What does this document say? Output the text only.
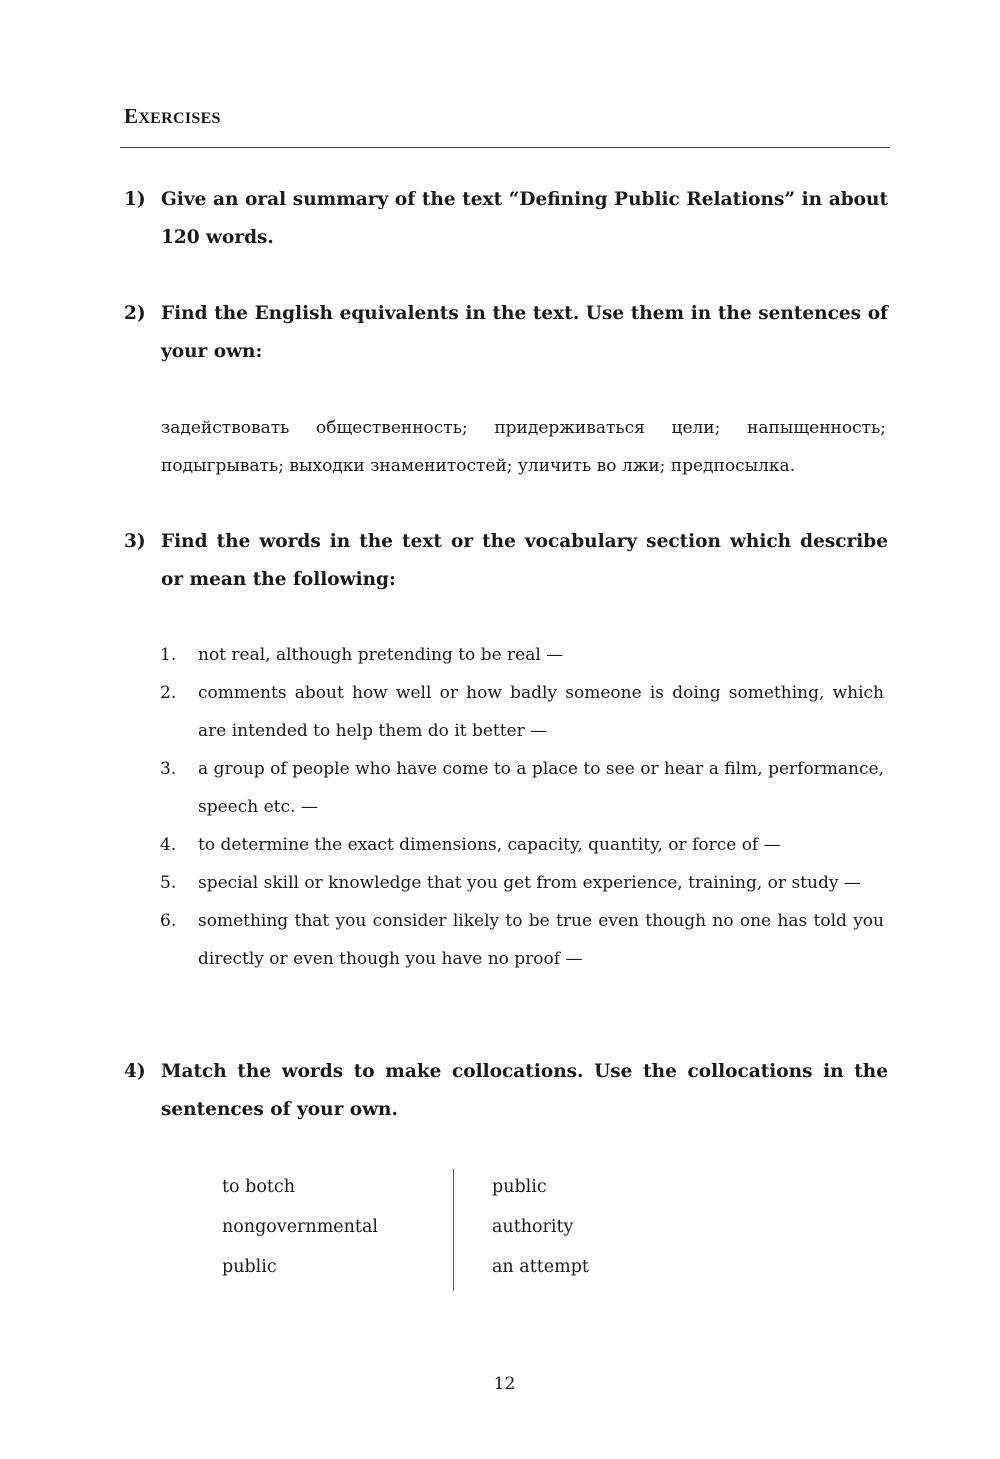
EXERCISES
1) Give an oral summary of the text “Defining Public Relations” in about 120 words.
2) Find the English equivalents in the text. Use them in the sentences of your own:

задействовать общественность; придерживаться цели; напыщенность; подыгрывать; выходки знаменитостей; уличить во лжи; предпосылка.

3) Find the words in the text or the vocabulary section which describe or mean the following:
1. not real, although pretending to be real —
2. comments about how well or how badly someone is doing something, which are intended to help them do it better —
3. a group of people who have come to a place to see or hear a film, performance, speech etc. —
4. to determine the exact dimensions, capacity, quantity, or force of —
5. special skill or knowledge that you get from experience, training, or study —
6. something that you consider likely to be true even though no one has told you directly or even though you have no proof —
4) Match the words to make collocations. Use the collocations in the sentences of your own.
to botch
nongovernmental
public
public
authority
an attempt
12
